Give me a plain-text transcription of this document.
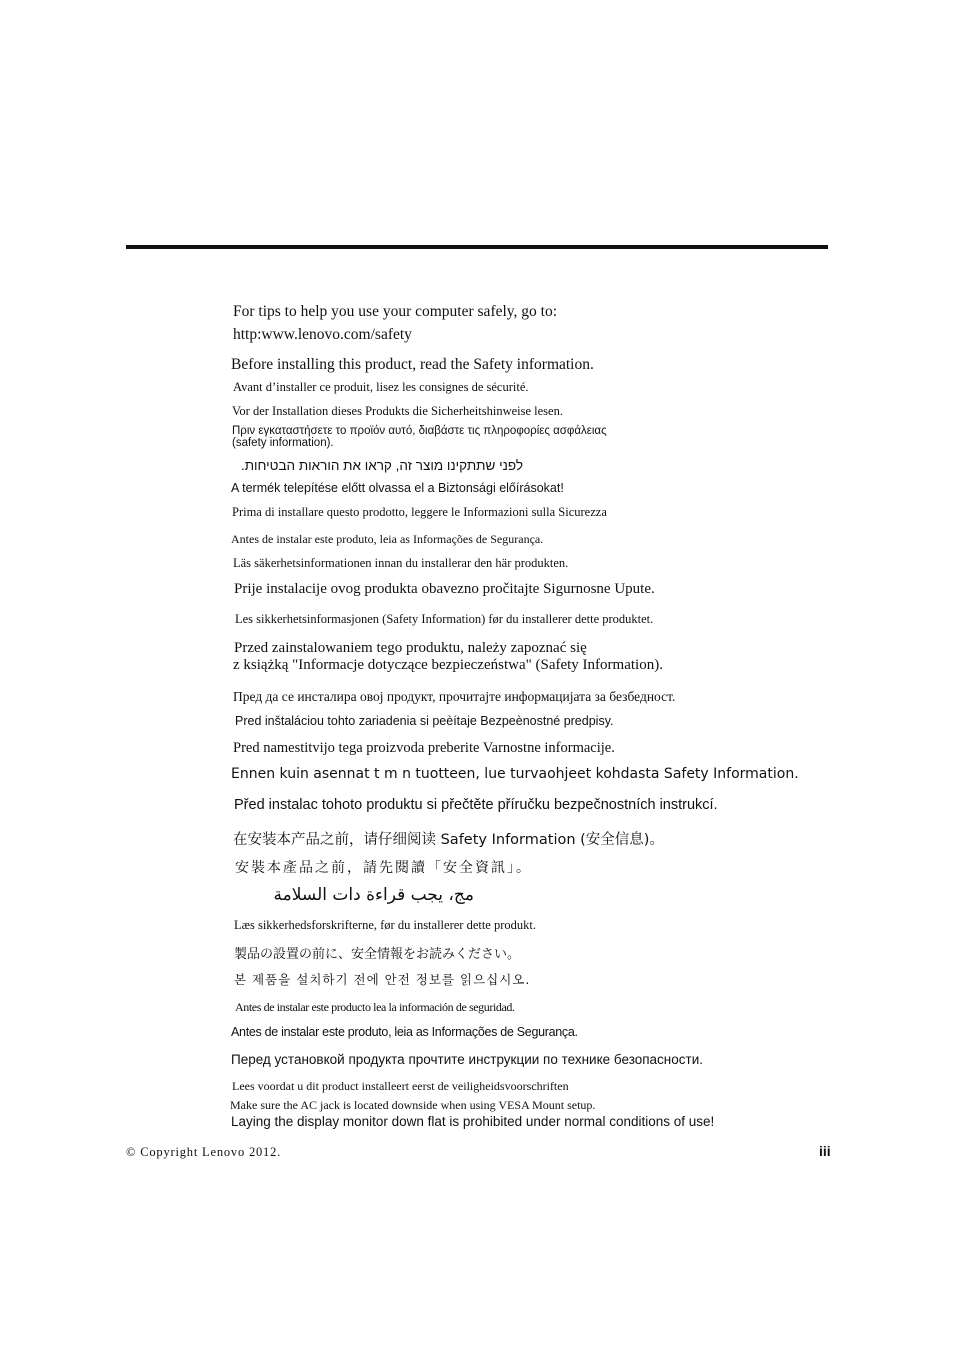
For tips to help you use your computer safely, go to:
http:www.lenovo.com/safety
Before installing this product, read the Safety information.
Avant d’installer ce produit, lisez les consignes de sécurité.
Vor der Installation dieses Produkts die Sicherheitshinweise lesen.
Πριν εγκαταστήσετε το προϊόν αυτό, διαβάστε τις πληροφορίες ασφάλειας
(safety information).
לפני שתתקינו מוצר זה, קראו את הוראות הבטיחות.
A termék telepítése előtt olvassa el a Biztonsági előírásokat!
Prima di installare questo prodotto, leggere le Informazioni sulla Sicurezza
Antes de instalar este produto, leia as Informações de Segurança.
Läs säkerhetsinformationen innan du installerar den här produkten.
Prije instalacije ovog produkta obavezno pročitajte Sigurnosne Upute.
Les sikkerhetsinformasjonen (Safety Information) før du installerer dette produktet.
Przed zainstalowaniem tego produktu, należy zapoznać się
z książką "Informacje dotyczące bezpieczeństwa" (Safety Information).
Пред да се инсталира овој продукт, прочитајте информацијата за безбедност.
Pred inštaláciou tohto zariadenia si peèítaje Bezpeènostné predpisy.
Pred namestitvijo tega proizvoda preberite Varnostne informacije.
Ennen kuin asennat t m n tuotteen, lue turvaohjeet kohdasta Safety Information.
Před instalac tohoto produktu si přečtěte příručku bezpečnostních instrukcí.
在安装本产品之前，请仔细阅读 Safety Information (安全信息)。
安裝本產品之前，請先閱讀「安全資訊」。
مج، يجب قراءة دات السلامة
Læs sikkerhedsforskrifterne, før du installerer dette produkt.
製品の設置の前に、安全情報をお読みください。
본 제품을 설치하기 전에 안전 정보를 읽으십시오.
Antes de instalar este producto lea la información de seguridad.
Antes de instalar este produto, leia as Informações de Segurança.
Перед установкой продукта прочтите инструкции по технике безопасности.
Lees voordat u dit product installeert eerst de veiligheidsvoorschriften
Make sure the AC jack is located downside when using VESA Mount setup.
Laying the display monitor down flat is prohibited under normal conditions of use!
© Copyright Lenovo 2012.	iii
